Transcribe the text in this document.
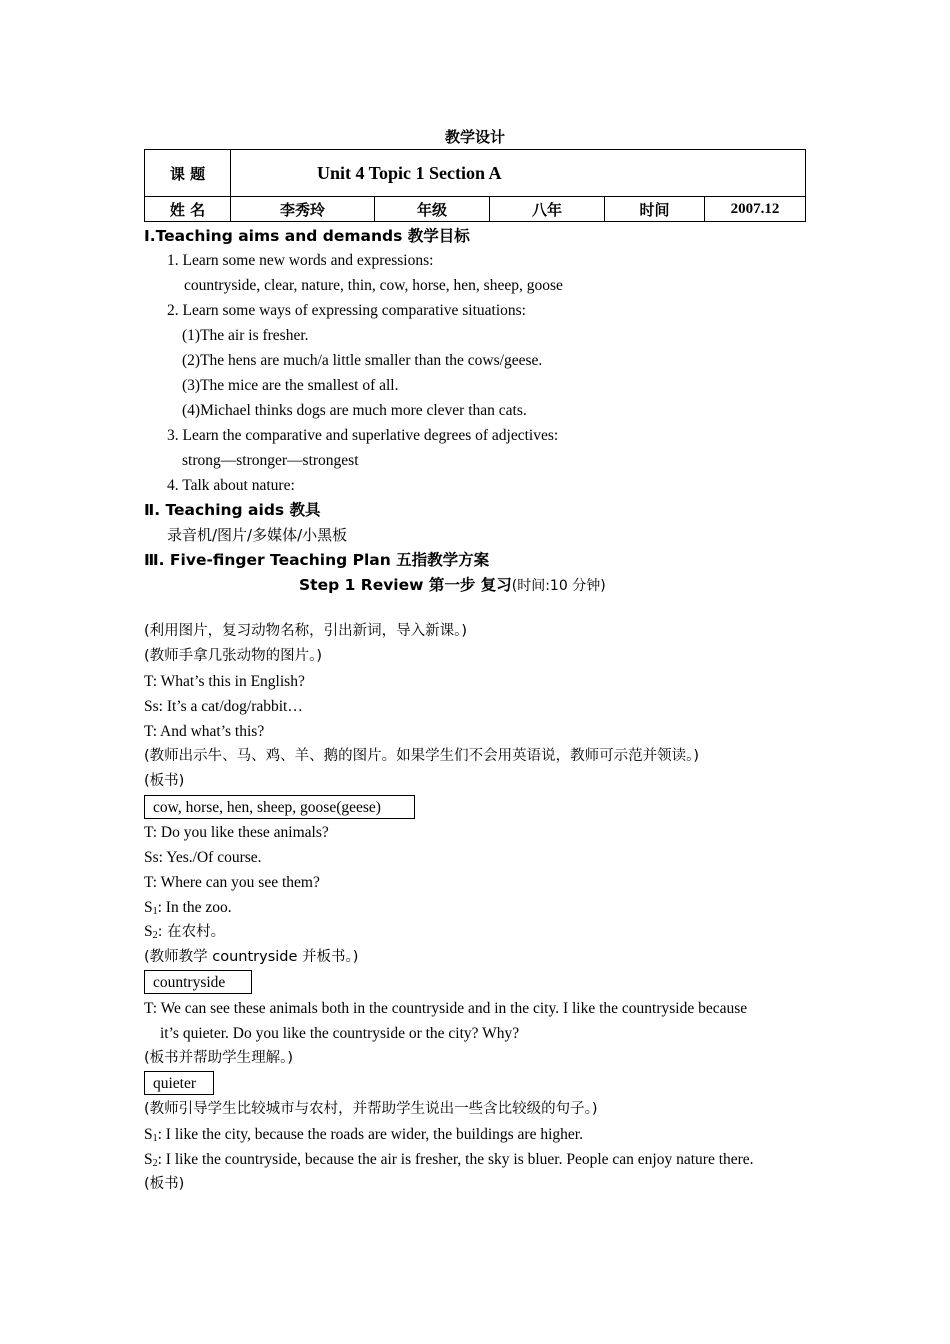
教学设计
课 题	Unit 4 Topic 1 Section A				
姓 名	李秀玲	年级	八年	时间	2007.12
Ⅰ.Teaching aims and demands 教学目标
1. Learn some new words and expressions:
countryside, clear, nature, thin, cow, horse, hen, sheep, goose
2. Learn some ways of expressing comparative situations:
(1)The air is fresher.
(2)The hens are much/a little smaller than the cows/geese.
(3)The mice are the smallest of all.
(4)Michael thinks dogs are much more clever than cats.
3. Learn the comparative and superlative degrees of adjectives:
strong—stronger—strongest
4. Talk about nature:
Ⅱ. Teaching aids 教具
录音机/图片/多媒体/小黑板
Ⅲ. Five-finger Teaching Plan 五指教学方案
Step 1 Review 第一步 复习(时间:10 分钟)
(利用图片，复习动物名称，引出新词，导入新课。)
(教师手拿几张动物的图片。)
T: What’s this in English?
Ss: It’s a cat/dog/rabbit…
T: And what’s this?
(教师出示牛、马、鸡、羊、鹅的图片。如果学生们不会用英语说，教师可示范并领读。)
(板书)
cow, horse, hen, sheep, goose(geese)
T: Do you like these animals?
Ss: Yes./Of course.
T: Where can you see them?
$S_1$: In the zoo.
$S_2$: 在农村。
(教师教学 countryside 并板书。)
countryside
T: We can see these animals both in the countryside and in the city. I like the countryside because
it’s quieter. Do you like the countryside or the city? Why?
(板书并帮助学生理解。)
quieter
(教师引导学生比较城市与农村，并帮助学生说出一些含比较级的句子。)
$S_1$: I like the city, because the roads are wider, the buildings are higher.
$S_2$: I like the countryside, because the air is fresher, the sky is bluer. People can enjoy nature there.
(板书)
